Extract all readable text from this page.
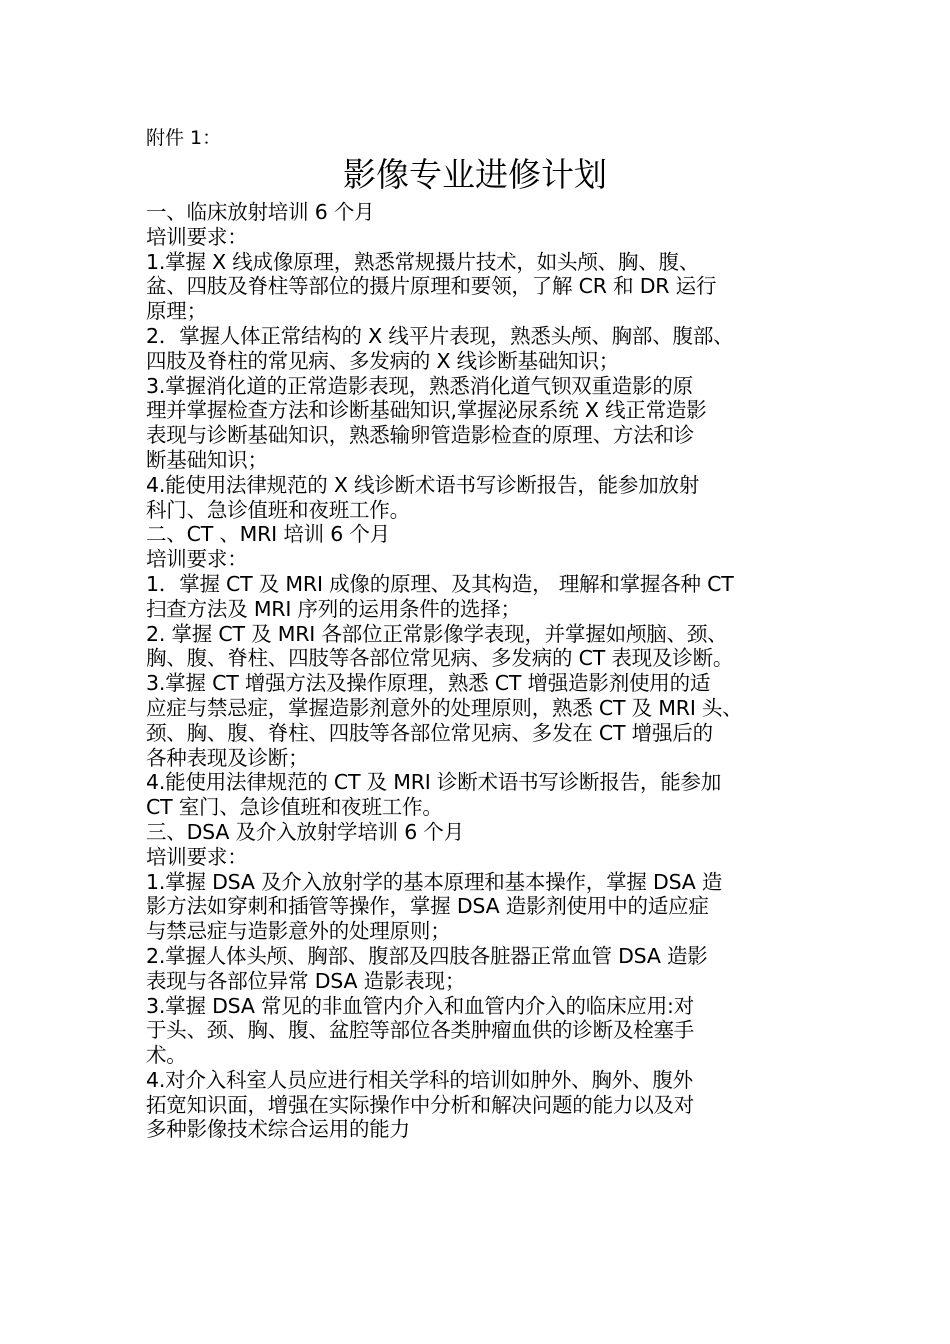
附件 1：
影像专业进修计划
一、临床放射培训 6 个月
培训要求：
1.掌握 X 线成像原理，熟悉常规摄片技术，如头颅、胸、腹、
盆、四肢及脊柱等部位的摄片原理和要领，了解 CR 和 DR 运行
原理；
2．掌握人体正常结构的 X 线平片表现，熟悉头颅、胸部、腹部、
四肢及脊柱的常见病、多发病的 X 线诊断基础知识；
3.掌握消化道的正常造影表现，熟悉消化道气钡双重造影的原
理并掌握检查方法和诊断基础知识,掌握泌尿系统 X 线正常造影
表现与诊断基础知识，熟悉输卵管造影检查的原理、方法和诊
断基础知识；
4.能使用法律规范的 X 线诊断术语书写诊断报告，能参加放射
科门、急诊值班和夜班工作。
二、CT 、MRI 培训 6 个月
培训要求：
1．掌握 CT 及 MRI 成像的原理、及其构造， 理解和掌握各种 CT
扫查方法及 MRI 序列的运用条件的选择；
2. 掌握 CT 及 MRI 各部位正常影像学表现，并掌握如颅脑、颈、
胸、腹、脊柱、四肢等各部位常见病、多发病的 CT 表现及诊断。
3.掌握 CT 增强方法及操作原理，熟悉 CT 增强造影剂使用的适
应症与禁忌症，掌握造影剂意外的处理原则，熟悉 CT 及 MRI 头、
颈、胸、腹、脊柱、四肢等各部位常见病、多发在 CT 增强后的
各种表现及诊断；
4.能使用法律规范的 CT 及 MRI 诊断术语书写诊断报告，能参加
CT 室门、急诊值班和夜班工作。
三、DSA 及介入放射学培训 6 个月
培训要求：
1.掌握 DSA 及介入放射学的基本原理和基本操作，掌握 DSA 造
影方法如穿刺和插管等操作，掌握 DSA 造影剂使用中的适应症
与禁忌症与造影意外的处理原则；
2.掌握人体头颅、胸部、腹部及四肢各脏器正常血管 DSA 造影
表现与各部位异常 DSA 造影表现；
3.掌握 DSA 常见的非血管内介入和血管内介入的临床应用:对
于头、颈、胸、腹、盆腔等部位各类肿瘤血供的诊断及栓塞手
术。
4.对介入科室人员应进行相关学科的培训如肿外、胸外、腹外
拓宽知识面，增强在实际操作中分析和解决问题的能力以及对
多种影像技术综合运用的能力
